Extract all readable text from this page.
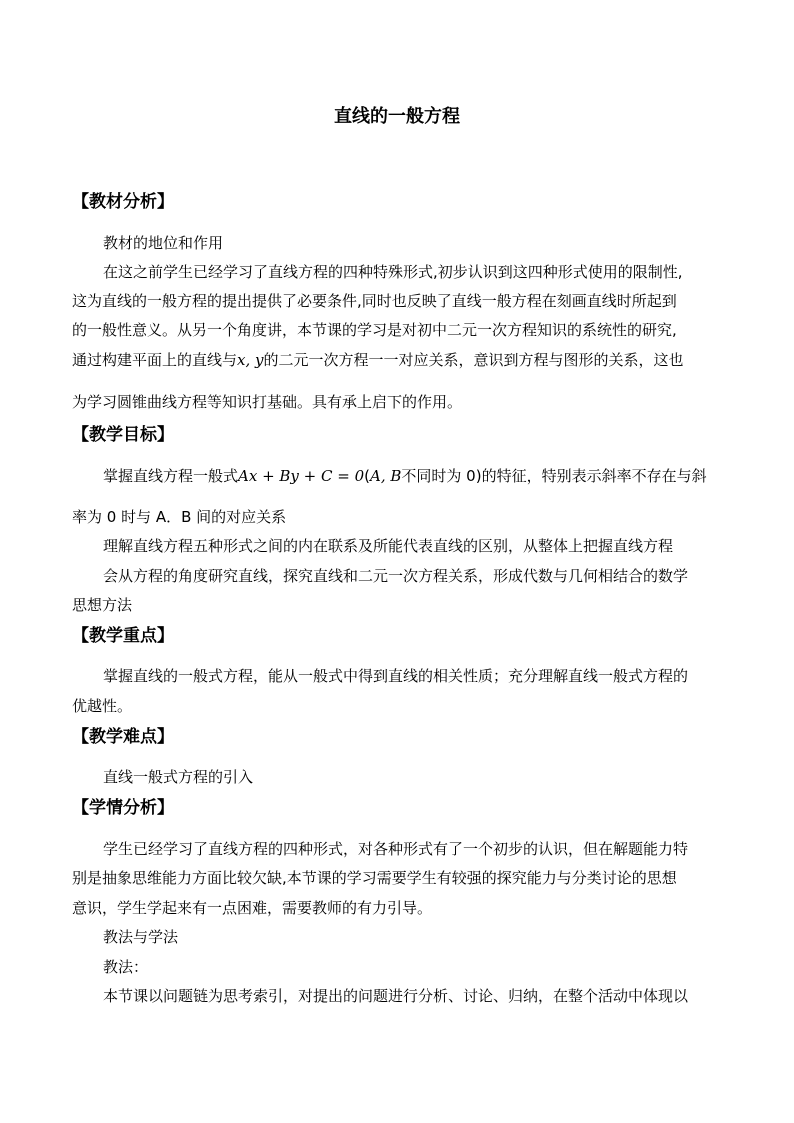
直线的一般方程
【教材分析】
教材的地位和作用
在这之前学生已经学习了直线方程的四种特殊形式,初步认识到这四种形式使用的限制性,
这为直线的一般方程的提出提供了必要条件,同时也反映了直线一般方程在刻画直线时所起到
的一般性意义。从另一个角度讲，本节课的学习是对初中二元一次方程知识的系统性的研究,
通过构建平面上的直线与x, y的二元一次方程一一对应关系，意识到方程与图形的关系，这也
为学习圆锥曲线方程等知识打基础。具有承上启下的作用。
【教学目标】
掌握直线方程一般式Ax + By + C = 0(A, B不同时为 0)的特征，特别表示斜率不存在与斜
率为 0 时与 A．B 间的对应关系
理解直线方程五种形式之间的内在联系及所能代表直线的区别，从整体上把握直线方程
会从方程的角度研究直线，探究直线和二元一次方程关系，形成代数与几何相结合的数学
思想方法
【教学重点】
掌握直线的一般式方程，能从一般式中得到直线的相关性质；充分理解直线一般式方程的
优越性。
【教学难点】
直线一般式方程的引入
【学情分析】
学生已经学习了直线方程的四种形式，对各种形式有了一个初步的认识，但在解题能力特
别是抽象思维能力方面比较欠缺,本节课的学习需要学生有较强的探究能力与分类讨论的思想
意识，学生学起来有一点困难，需要教师的有力引导。
教法与学法
教法：
本节课以问题链为思考索引，对提出的问题进行分析、讨论、归纳，在整个活动中体现以
